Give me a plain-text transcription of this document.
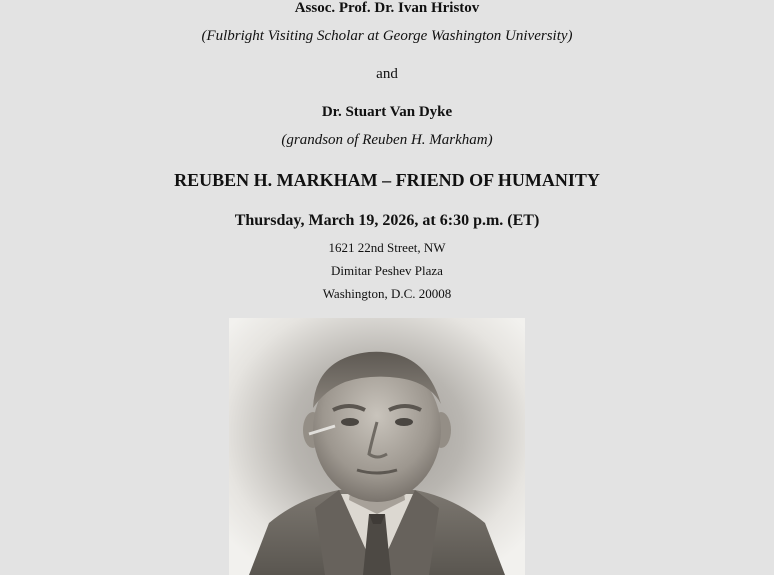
Assoc. Prof. Dr. Ivan Hristov
(Fulbright Visiting Scholar at George Washington University)
and
Dr. Stuart Van Dyke
(grandson of Reuben H. Markham)
REUBEN H. MARKHAM – FRIEND OF HUMANITY
Thursday, March 19, 2026, at 6:30 p.m. (ET)
1621 22nd Street, NW
Dimitar Peshev Plaza
Washington, D.C. 20008
